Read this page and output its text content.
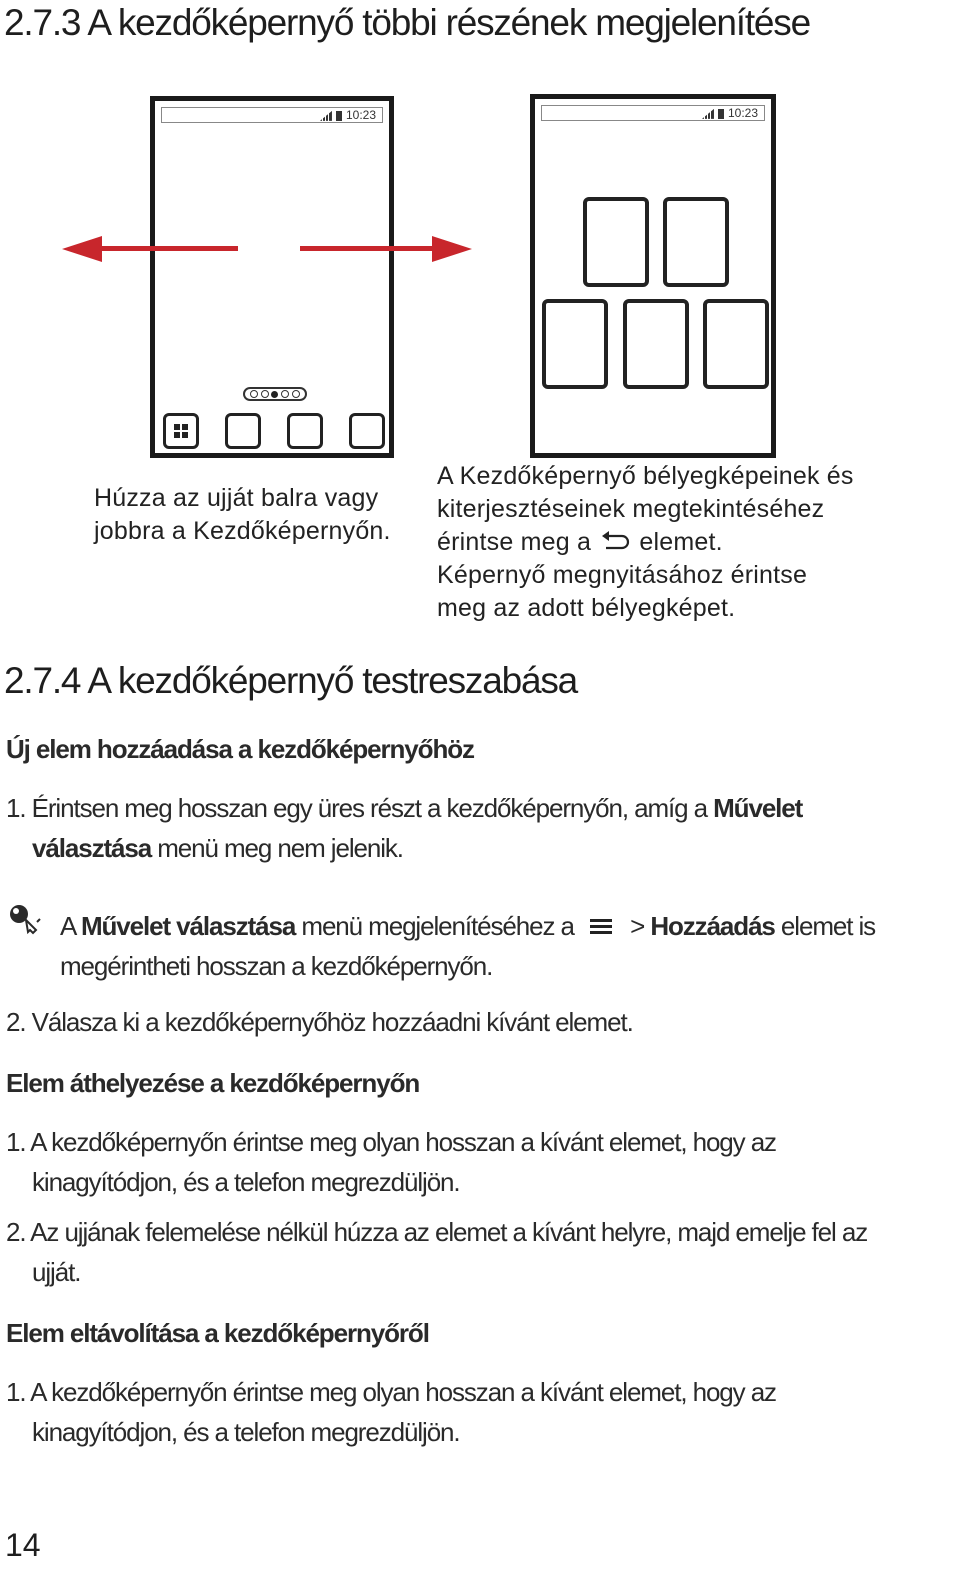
2.7.3 A kezdőképernyő többi részének megjelenítése
10:23	10:23
Húzza az ujját balra vagy
jobbra a Kezdőképernyőn.
A Kezdőképernyő bélyegképeinek és
kiterjesztéseinek megtekintéséhez
érintse meg a elemet.
Képernyő megnyitásához érintse
meg az adott bélyegképet.
2.7.4 A kezdőképernyő testreszabása
Új elem hozzáadása a kezdőképernyőhöz
1. Érintsen meg hosszan egy üres részt a kezdőképernyőn, amíg a Művelet
választása menü meg nem jelenik.
A Művelet választása menü megjelenítéséhez a  > Hozzáadás elemet is
megérintheti hosszan a kezdőképernyőn.
2. Válasza ki a kezdőképernyőhöz hozzáadni kívánt elemet.
Elem áthelyezése a kezdőképernyőn
1. A kezdőképernyőn érintse meg olyan hosszan a kívánt elemet, hogy az
kinagyítódjon, és a telefon megrezdüljön.
2. Az ujjának felemelése nélkül húzza az elemet a kívánt helyre, majd emelje fel az
ujját.
Elem eltávolítása a kezdőképernyőről
1. A kezdőképernyőn érintse meg olyan hosszan a kívánt elemet, hogy az
kinagyítódjon, és a telefon megrezdüljön.
14
